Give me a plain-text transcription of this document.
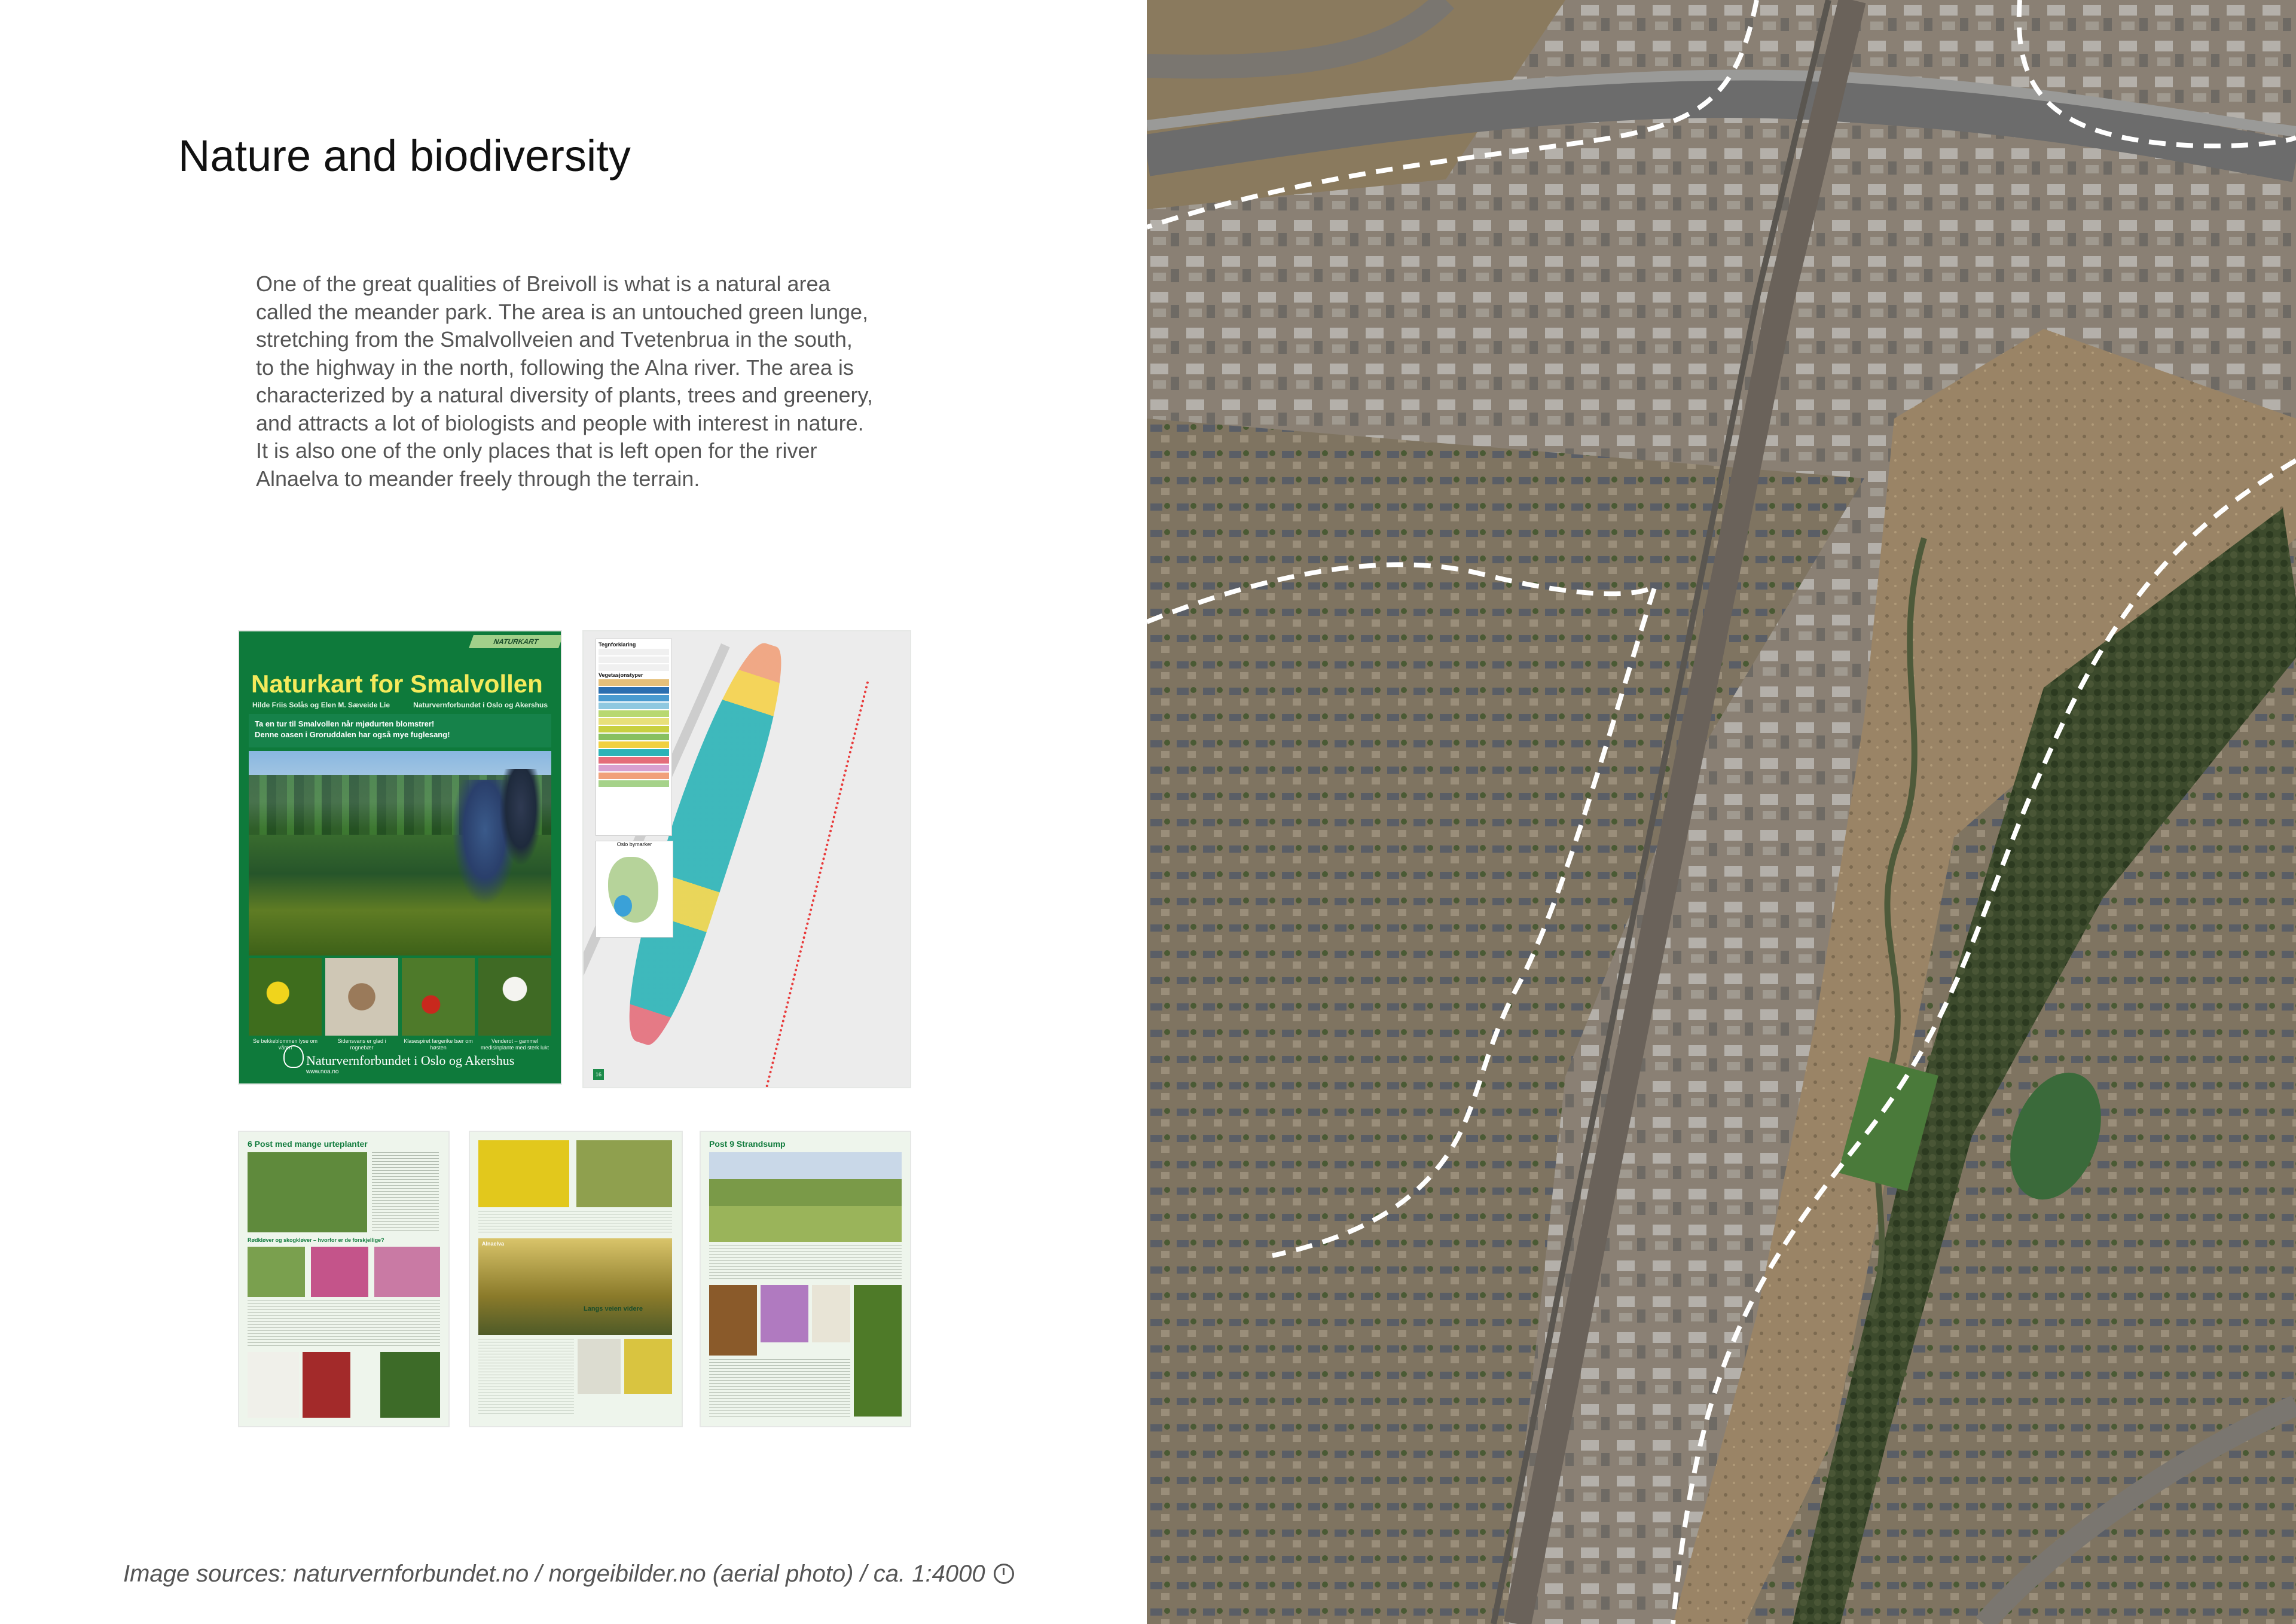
Nature and biodiversity
One of the great qualities of Breivoll is what is a natural area
called the meander park. The area is an untouched green lunge,
stretching from the Smalvollveien and Tvetenbrua in the south,
to the highway in the north, following the Alna river. The area is
characterized by a natural diversity of plants, trees and greenery,
and attracts a lot of biologists and people with interest in nature.
It is also one of the only places that is left open for the river
Alnaelva to meander freely through the terrain.
NATURKART
Naturkart for Smalvollen
Hilde Friis Solås og Elen M. Sæveide Lie	Naturvernforbundet i Oslo og Akershus
Ta en tur til Smalvollen når mjødurten blomstrer!
Denne oasen i Groruddalen har også mye fuglesang!
Se bekkeblommen lyse om våren
Sidensvans er glad i rognebær
Klasespiret fargerike bær om høsten
Venderot – gammel medisinplante med sterk lukt
Naturvernforbundet i Oslo og Akershus
www.noa.no
Tegnforklaring
Vegetasjonstyper
Oslo bymarker
16
6 Post med mange urteplanter
Rødkløver og skogkløver – hvorfor er de forskjellige?
Alnaelva
Langs veien videre
Post 9 Strandsump
Image sources: naturvernforbundet.no / norgeibilder.no (aerial photo) / ca. 1:4000
